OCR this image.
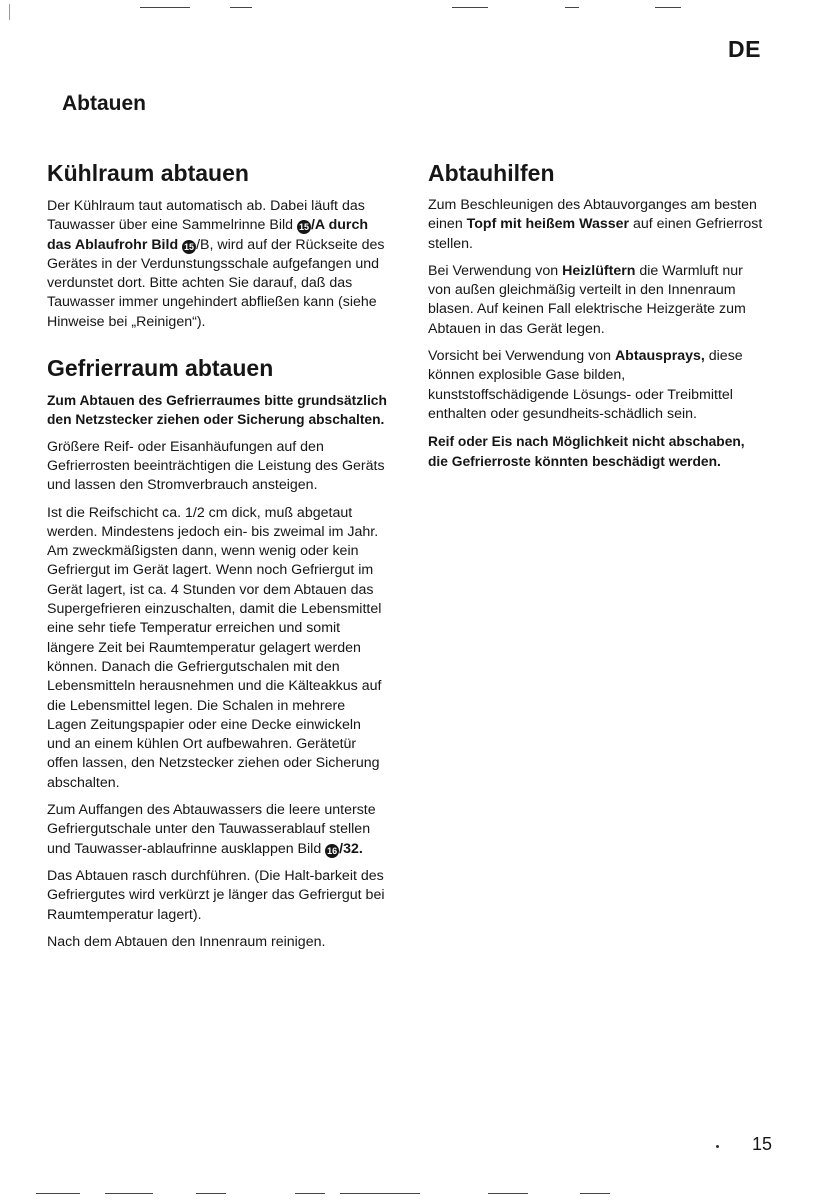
DE
Abtauen
Kühlraum abtauen

Der Kühlraum taut automatisch ab. Dabei läuft das Tauwasser über eine Sammelrinne Bild 15 /A durch das Ablaufrohr Bild 15 /B, wird auf der Rückseite des Gerätes in der Verdunstungsschale aufgefangen und verdunstet dort. Bitte achten Sie darauf, daß das Tauwasser immer ungehindert abfließen kann (siehe Hinweise bei „Reinigen“).

Gefrierraum abtauen

Zum Abtauen des Gefrierraumes bitte grundsätzlich den Netzstecker ziehen oder Sicherung abschalten.

Größere Reif- oder Eisanhäufungen auf den Gefrierrosten beeinträchtigen die Leistung des Geräts und lassen den Stromverbrauch ansteigen.

Ist die Reifschicht ca. 1/2 cm dick, muß abgetaut werden. Mindestens jedoch ein- bis zweimal im Jahr. Am zweckmäßigsten dann, wenn wenig oder kein Gefriergut im Gerät lagert. Wenn noch Gefriergut im Gerät lagert, ist ca. 4 Stunden vor dem Abtauen das Supergefrieren einzuschalten, damit die Lebensmittel eine sehr tiefe Temperatur erreichen und somit längere Zeit bei Raumtemperatur gelagert werden können. Danach die Gefriergutschalen mit den Lebensmitteln herausnehmen und die Kälteakkus auf die Lebensmittel legen. Die Schalen in mehrere Lagen Zeitungspapier oder eine Decke einwickeln und an einem kühlen Ort aufbewahren. Gerätetür offen lassen, den Netzstecker ziehen oder Sicherung abschalten.

Zum Auffangen des Abtauwassers die leere unterste Gefriergutschale unter den Tauwasserablauf stellen und Tauwasser-ablaufrinne ausklappen Bild 16 /32.

Das Abtauen rasch durchführen. (Die Halt-barkeit des Gefriergutes wird verkürzt je länger das Gefriergut bei Raumtemperatur lagert).

Nach dem Abtauen den Innenraum reinigen.

Abtauhilfen

Zum Beschleunigen des Abtauvorganges am besten einen Topf mit heißem Wasser auf einen Gefrierrost stellen.

Bei Verwendung von Heizlüftern die Warmluft nur von außen gleichmäßig verteilt in den Innenraum blasen. Auf keinen Fall elektrische Heizgeräte zum Abtauen in das Gerät legen.

Vorsicht bei Verwendung von Abtausprays, diese können explosible Gase bilden, kunststoffschädigende Lösungs- oder Treibmittel enthalten oder gesundheits-schädlich sein.

Reif oder Eis nach Möglichkeit nicht abschaben, die Gefrierroste könnten beschädigt werden.

15
